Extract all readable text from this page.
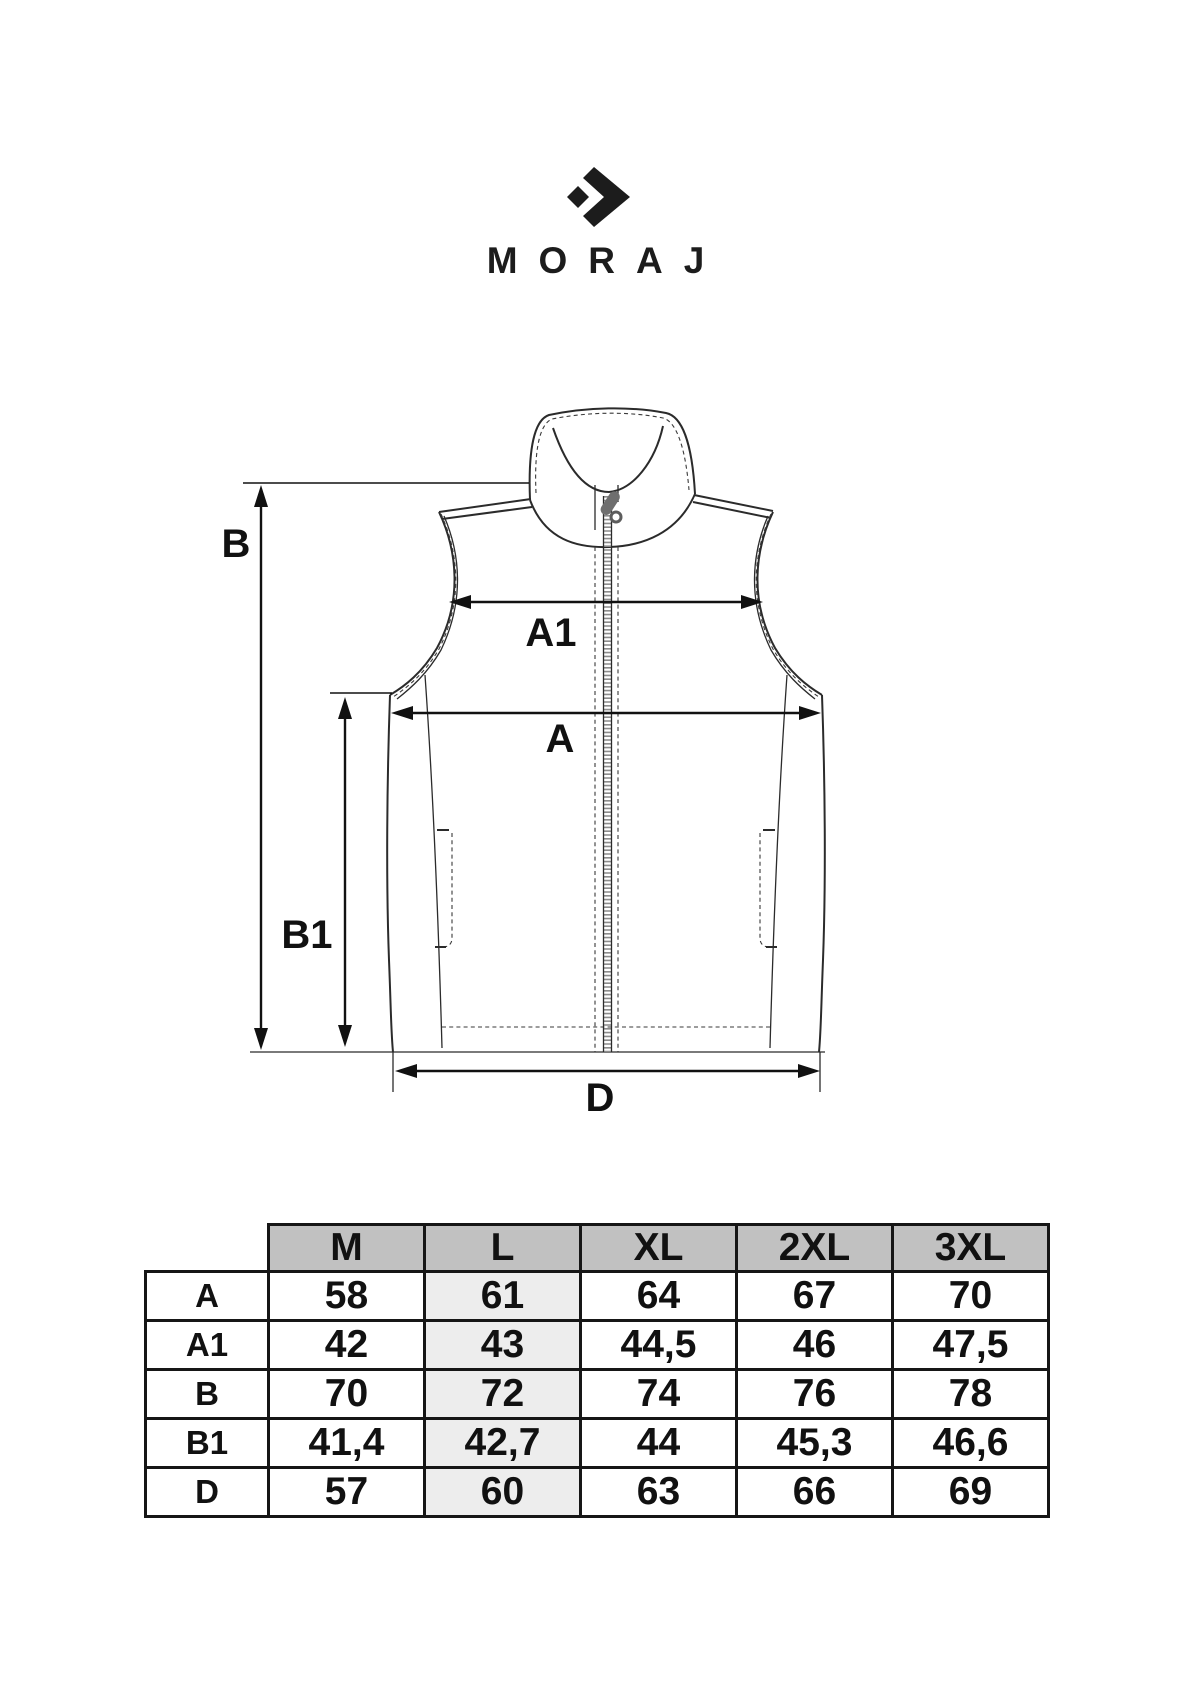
MORAJ
B
B1
A1
A
D
	M	L	XL	2XL	3XL
A	58	61	64	67	70
A1	42	43	44,5	46	47,5
B	70	72	74	76	78
B1	41,4	42,7	44	45,3	46,6
D	57	60	63	66	69
